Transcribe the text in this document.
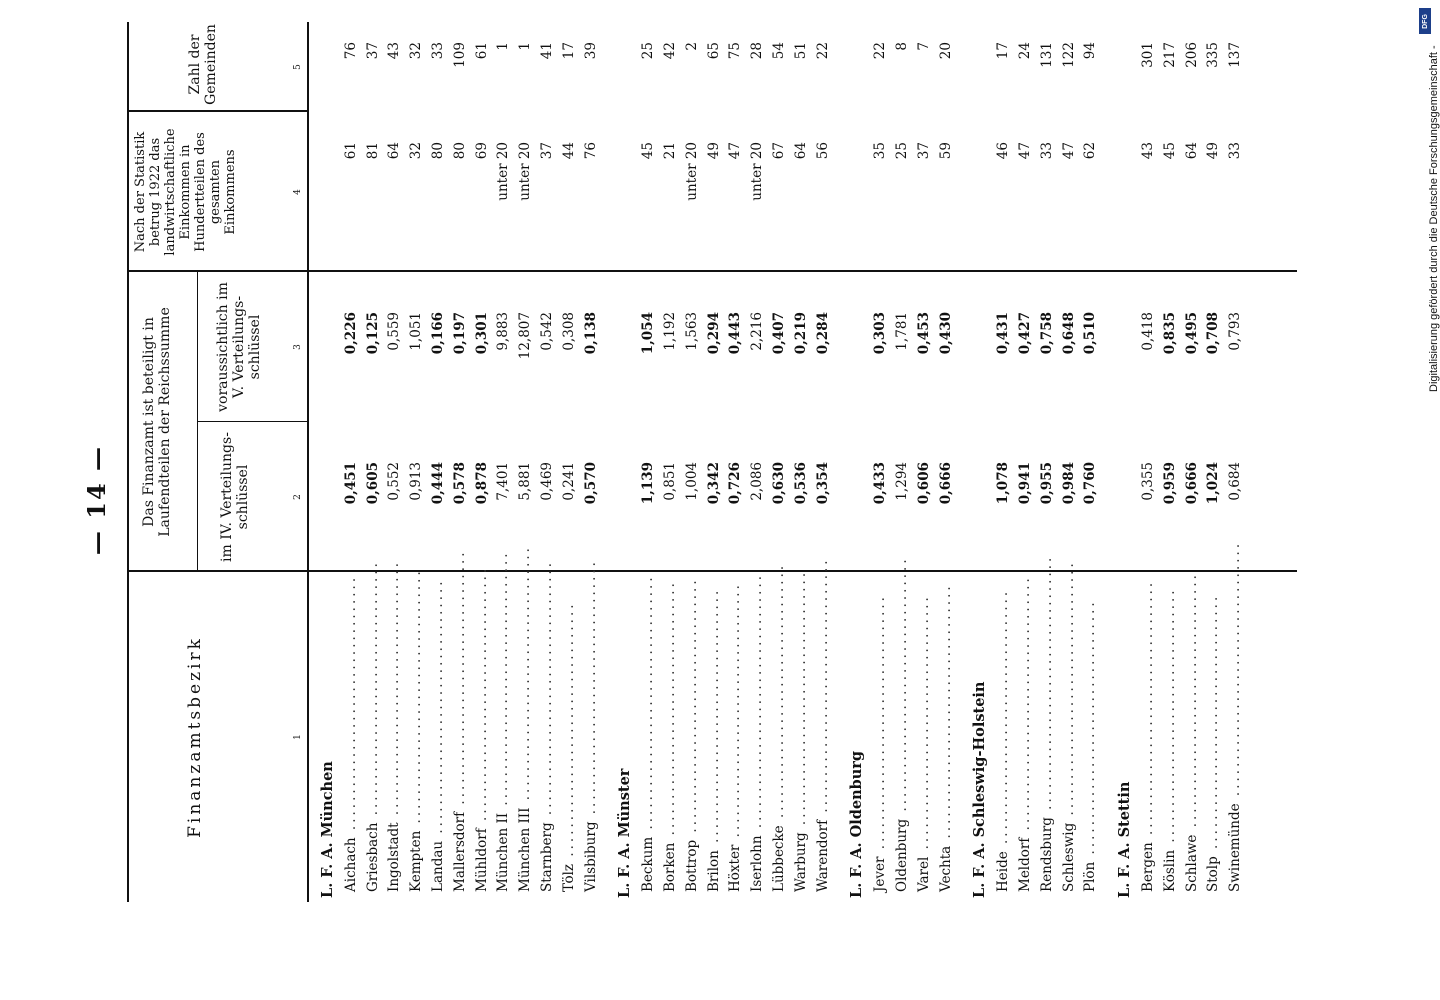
— 14 —
Finanzamtsbezirk
Das Finanzamt ist beteiligt in Laufendteilen der Reichssumme	im IV. Verteilungs-schlüssel
voraussichtlich im V. Verteilungs-schlüssel
Nach der Statistik betrug 1922 das landwirtschaftliche Einkommen in Hundertteilen des gesamten Einkommens
Zahl der Gemeinden
1
2
3
4
5
L. F. A. München Aichach ...................................
0,451
0,226
61
76
Griesbach ...................................
0,605
0,125
81
37
Ingolstadt ...................................
0,552
0,559
64
43
Kempten ...................................
0,913
1,051
32
32
Landau ...................................
0,444
0,166
80
33
Mallersdorf ...................................
0,578
0,197
80
109
Mühldorf ...................................
0,878
0,301
69
61
München II ...................................
7,401
9,883
unter 20
1
München III ...................................
5,881
12,807
unter 20
1
Starnberg ...................................
0,469
0,542
37
41
Tölz ...................................
0,241
0,308
44
17
Vilsbiburg ...................................
0,570
0,138
76
39
L. F. A. Münster Beckum ...................................
1,139
1,054
45
25
Borken ...................................
0,851
1,192
21
42
Bottrop ...................................
1,004
1,563
unter 20
2
Brilon ...................................
0,342
0,294
49
65
Höxter ...................................
0,726
0,443
47
75
Iserlohn ...................................
2,086
2,216
unter 20
28
Lübbecke ...................................
0,630
0,407
67
54
Warburg ...................................
0,536
0,219
64
51
Warendorf ...................................
0,354
0,284
56
22
L. F. A. Oldenburg Jever ...................................
0,433
0,303
35
22
Oldenburg ...................................
1,294
1,781
25
8
Varel ...................................
0,606
0,453
37
7
Vechta ...................................
0,666
0,430
59
20
L. F. A. Schleswig-Holstein Heide ...................................
1,078
0,431
46
17
Meldorf ...................................
0,941
0,427
47
24
Rendsburg ...................................
0,955
0,758
33
131
Schleswig ...................................
0,984
0,648
47
122
Plön ...................................
0,760
0,510
62
94
L. F. A. Stettin Bergen ...................................
0,355
0,418
43
301
Köslin ...................................
0,959
0,835
45
217
Schlawe ...................................
0,666
0,495
64
206
Stolp ...................................
1,024
0,708
49
335
Swinemünde ...................................
0,684
0,793
33
137
DFG
Digitalisierung gefördert durch die Deutsche Forschungsgemeinschaft -
